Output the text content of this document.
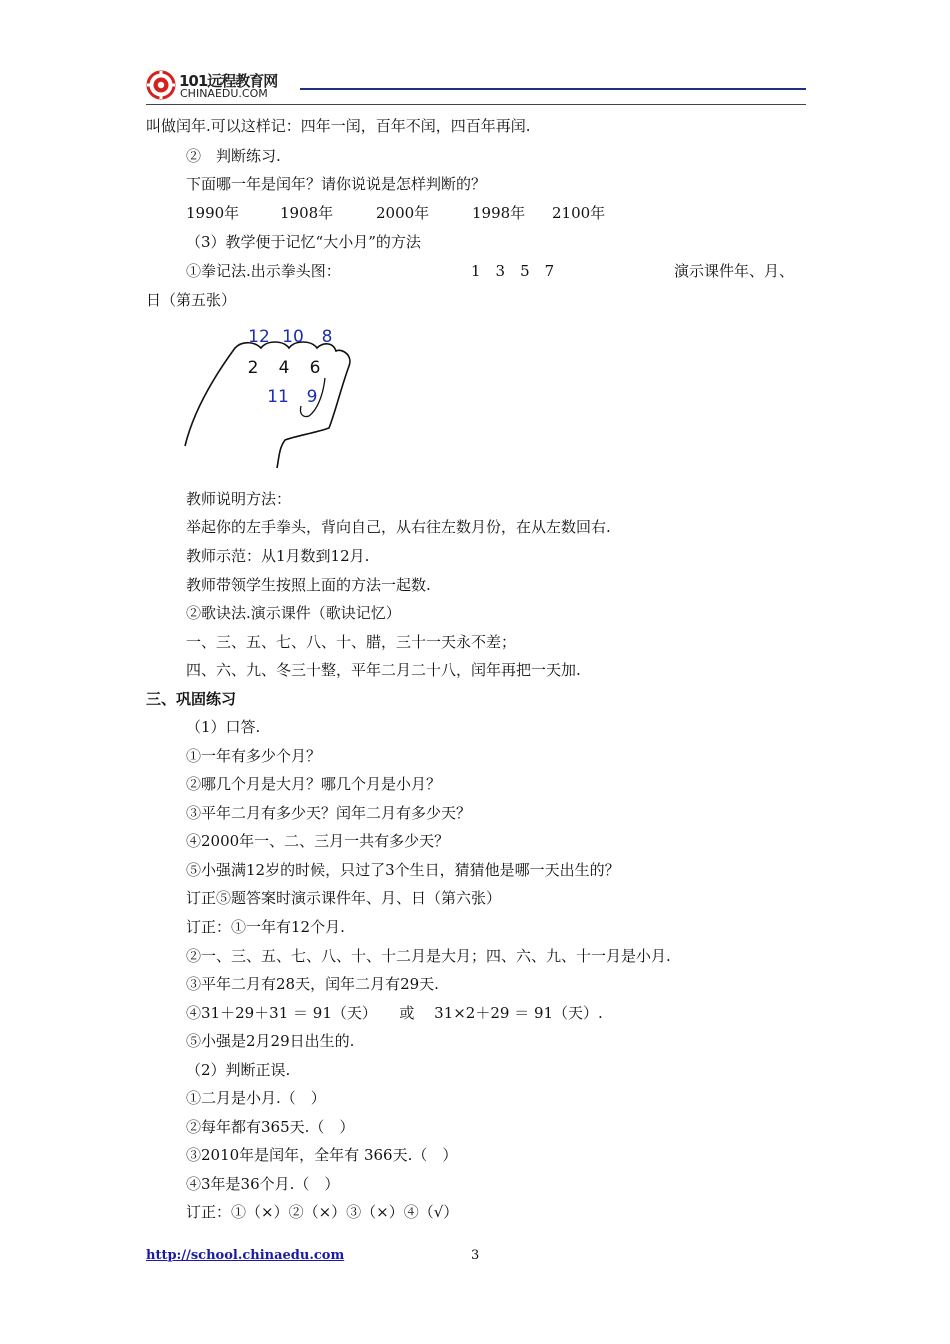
101远程教育网
CHINAEDU.COM
叫做闰年.可以这样记：四年一闰，百年不闰，四百年再闰.
②　判断练习.
下面哪一年是闰年？请你说说是怎样判断的？
1990年	1908年	2000年	1998年 2100年
（3）教学便于记忆“大小月”的方法
①拳记法.出示拳头图：	1　3　5　7	演示课件年、月、
日（第五张）
12 10 8
2 4 6
11 9
教师说明方法：
举起你的左手拳头，背向自己，从右往左数月份，在从左数回右.
教师示范：从1月数到12月.
教师带领学生按照上面的方法一起数.
②歌诀法.演示课件（歌诀记忆）
一、三、五、七、八、十、腊，三十一天永不差；
四、六、九、冬三十整，平年二月二十八，闰年再把一天加.
三、巩固练习
（1）口答.
①一年有多少个月？
②哪几个月是大月？哪几个月是小月？
③平年二月有多少天？闰年二月有多少天？
④2000年一、二、三月一共有多少天？
⑤小强满12岁的时候，只过了3个生日，猜猜他是哪一天出生的？
订正⑤题答案时演示课件年、月、日（第六张）
订正：①一年有12个月.
②一、三、五、七、八、十、十二月是大月；四、六、九、十一月是小月.
③平年二月有28天，闰年二月有29天.
④31＋29＋31 ＝ 91（天）　　或　 31×2＋29 ＝ 91（天）.
⑤小强是2月29日出生的.
（2）判断正误.
①二月是小月.（　）
②每年都有365天.（　）
③2010年是闰年，全年有 366天.（　）
④3年是36个月.（　）
订正：①（×）②（×）③（×）④（√）
http://school.chinaedu.com	3
